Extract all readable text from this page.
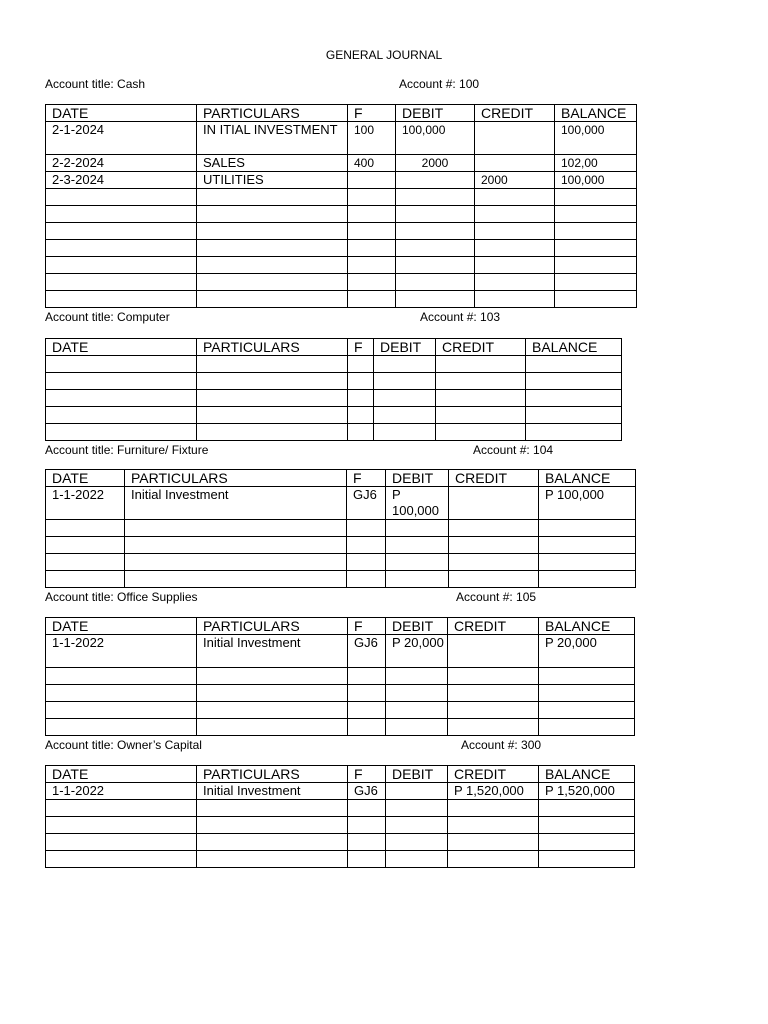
GENERAL JOURNAL
Account title: Cash	Account #: 100
DATE	PARTICULARS	F	DEBIT	CREDIT	BALANCE
2-1-2024	IN ITIAL INVESTMENT	100	100,000		100,000
2-2-2024	SALES	400	2000		102,00
2-3-2024	UTILITIES			2000	100,000

Account title: Computer	Account #: 103
DATE	PARTICULARS	F	DEBIT	CREDIT	BALANCE

Account title: Furniture/ Fixture	Account #: 104
DATE	PARTICULARS	F	DEBIT	CREDIT	BALANCE
1-1-2022	Initial Investment	GJ6	P 100,000		P 100,000

Account title: Office Supplies	Account #: 105
DATE	PARTICULARS	F	DEBIT	CREDIT	BALANCE
1-1-2022	Initial Investment	GJ6	P 20,000		P 20,000

Account title: Owner’s Capital	Account #: 300
DATE	PARTICULARS	F	DEBIT	CREDIT	BALANCE
1-1-2022	Initial Investment	GJ6		P 1,520,000	P 1,520,000
